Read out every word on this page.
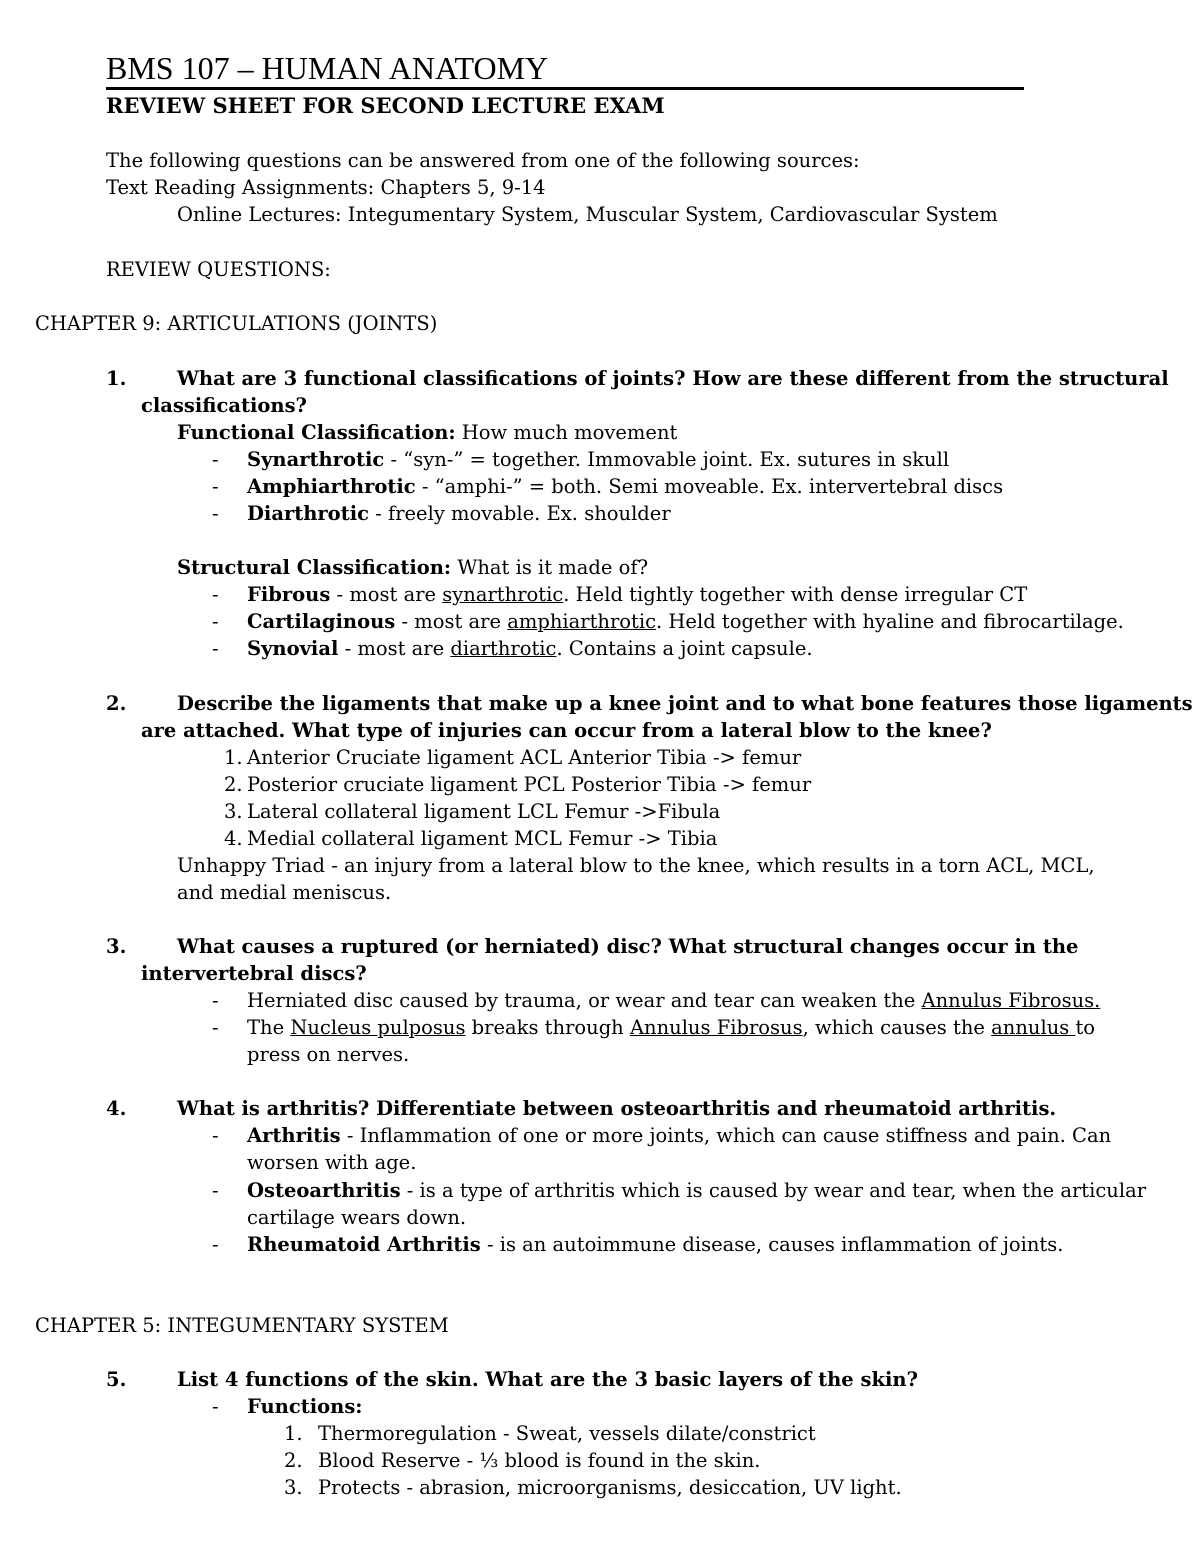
BMS 107 – HUMAN ANATOMY
REVIEW SHEET FOR SECOND LECTURE EXAM
The following questions can be answered from one of the following sources:
Text Reading Assignments: Chapters 5, 9-14
Online Lectures: Integumentary System, Muscular System, Cardiovascular System
REVIEW QUESTIONS:
CHAPTER 9: ARTICULATIONS (JOINTS)
1.	What are 3 functional classifications of joints? How are these different from the structural
classifications?
Functional Classification: How much movement
- Synarthrotic - “syn-” = together. Immovable joint. Ex. sutures in skull
- Amphiarthrotic - “amphi-” = both. Semi moveable. Ex. intervertebral discs
- Diarthrotic - freely movable. Ex. shoulder
Structural Classification: What is it made of?
- Fibrous - most are synarthrotic. Held tightly together with dense irregular CT
- Cartilaginous - most are amphiarthrotic. Held together with hyaline and fibrocartilage.
- Synovial - most are diarthrotic. Contains a joint capsule.
2.	Describe the ligaments that make up a knee joint and to what bone features those ligaments
are attached. What type of injuries can occur from a lateral blow to the knee?
1. Anterior Cruciate ligament ACL Anterior Tibia -> femur
2. Posterior cruciate ligament PCL Posterior Tibia -> femur
3. Lateral collateral ligament LCL Femur ->Fibula
4. Medial collateral ligament MCL Femur -> Tibia
Unhappy Triad - an injury from a lateral blow to the knee, which results in a torn ACL, MCL,
and medial meniscus.
3.	What causes a ruptured (or herniated) disc? What structural changes occur in the
intervertebral discs?
- Herniated disc caused by trauma, or wear and tear can weaken the Annulus Fibrosus.
- The Nucleus pulposus breaks through Annulus Fibrosus, which causes the annulus to
press on nerves.
4.	What is arthritis? Differentiate between osteoarthritis and rheumatoid arthritis.
- Arthritis - Inflammation of one or more joints, which can cause stiffness and pain. Can
worsen with age.
- Osteoarthritis - is a type of arthritis which is caused by wear and tear, when the articular
cartilage wears down.
- Rheumatoid Arthritis - is an autoimmune disease, causes inflammation of joints.
CHAPTER 5: INTEGUMENTARY SYSTEM
5.	List 4 functions of the skin. What are the 3 basic layers of the skin?
- Functions:
1. Thermoregulation - Sweat, vessels dilate/constrict
2. Blood Reserve - ⅓ blood is found in the skin.
3. Protects - abrasion, microorganisms, desiccation, UV light.
